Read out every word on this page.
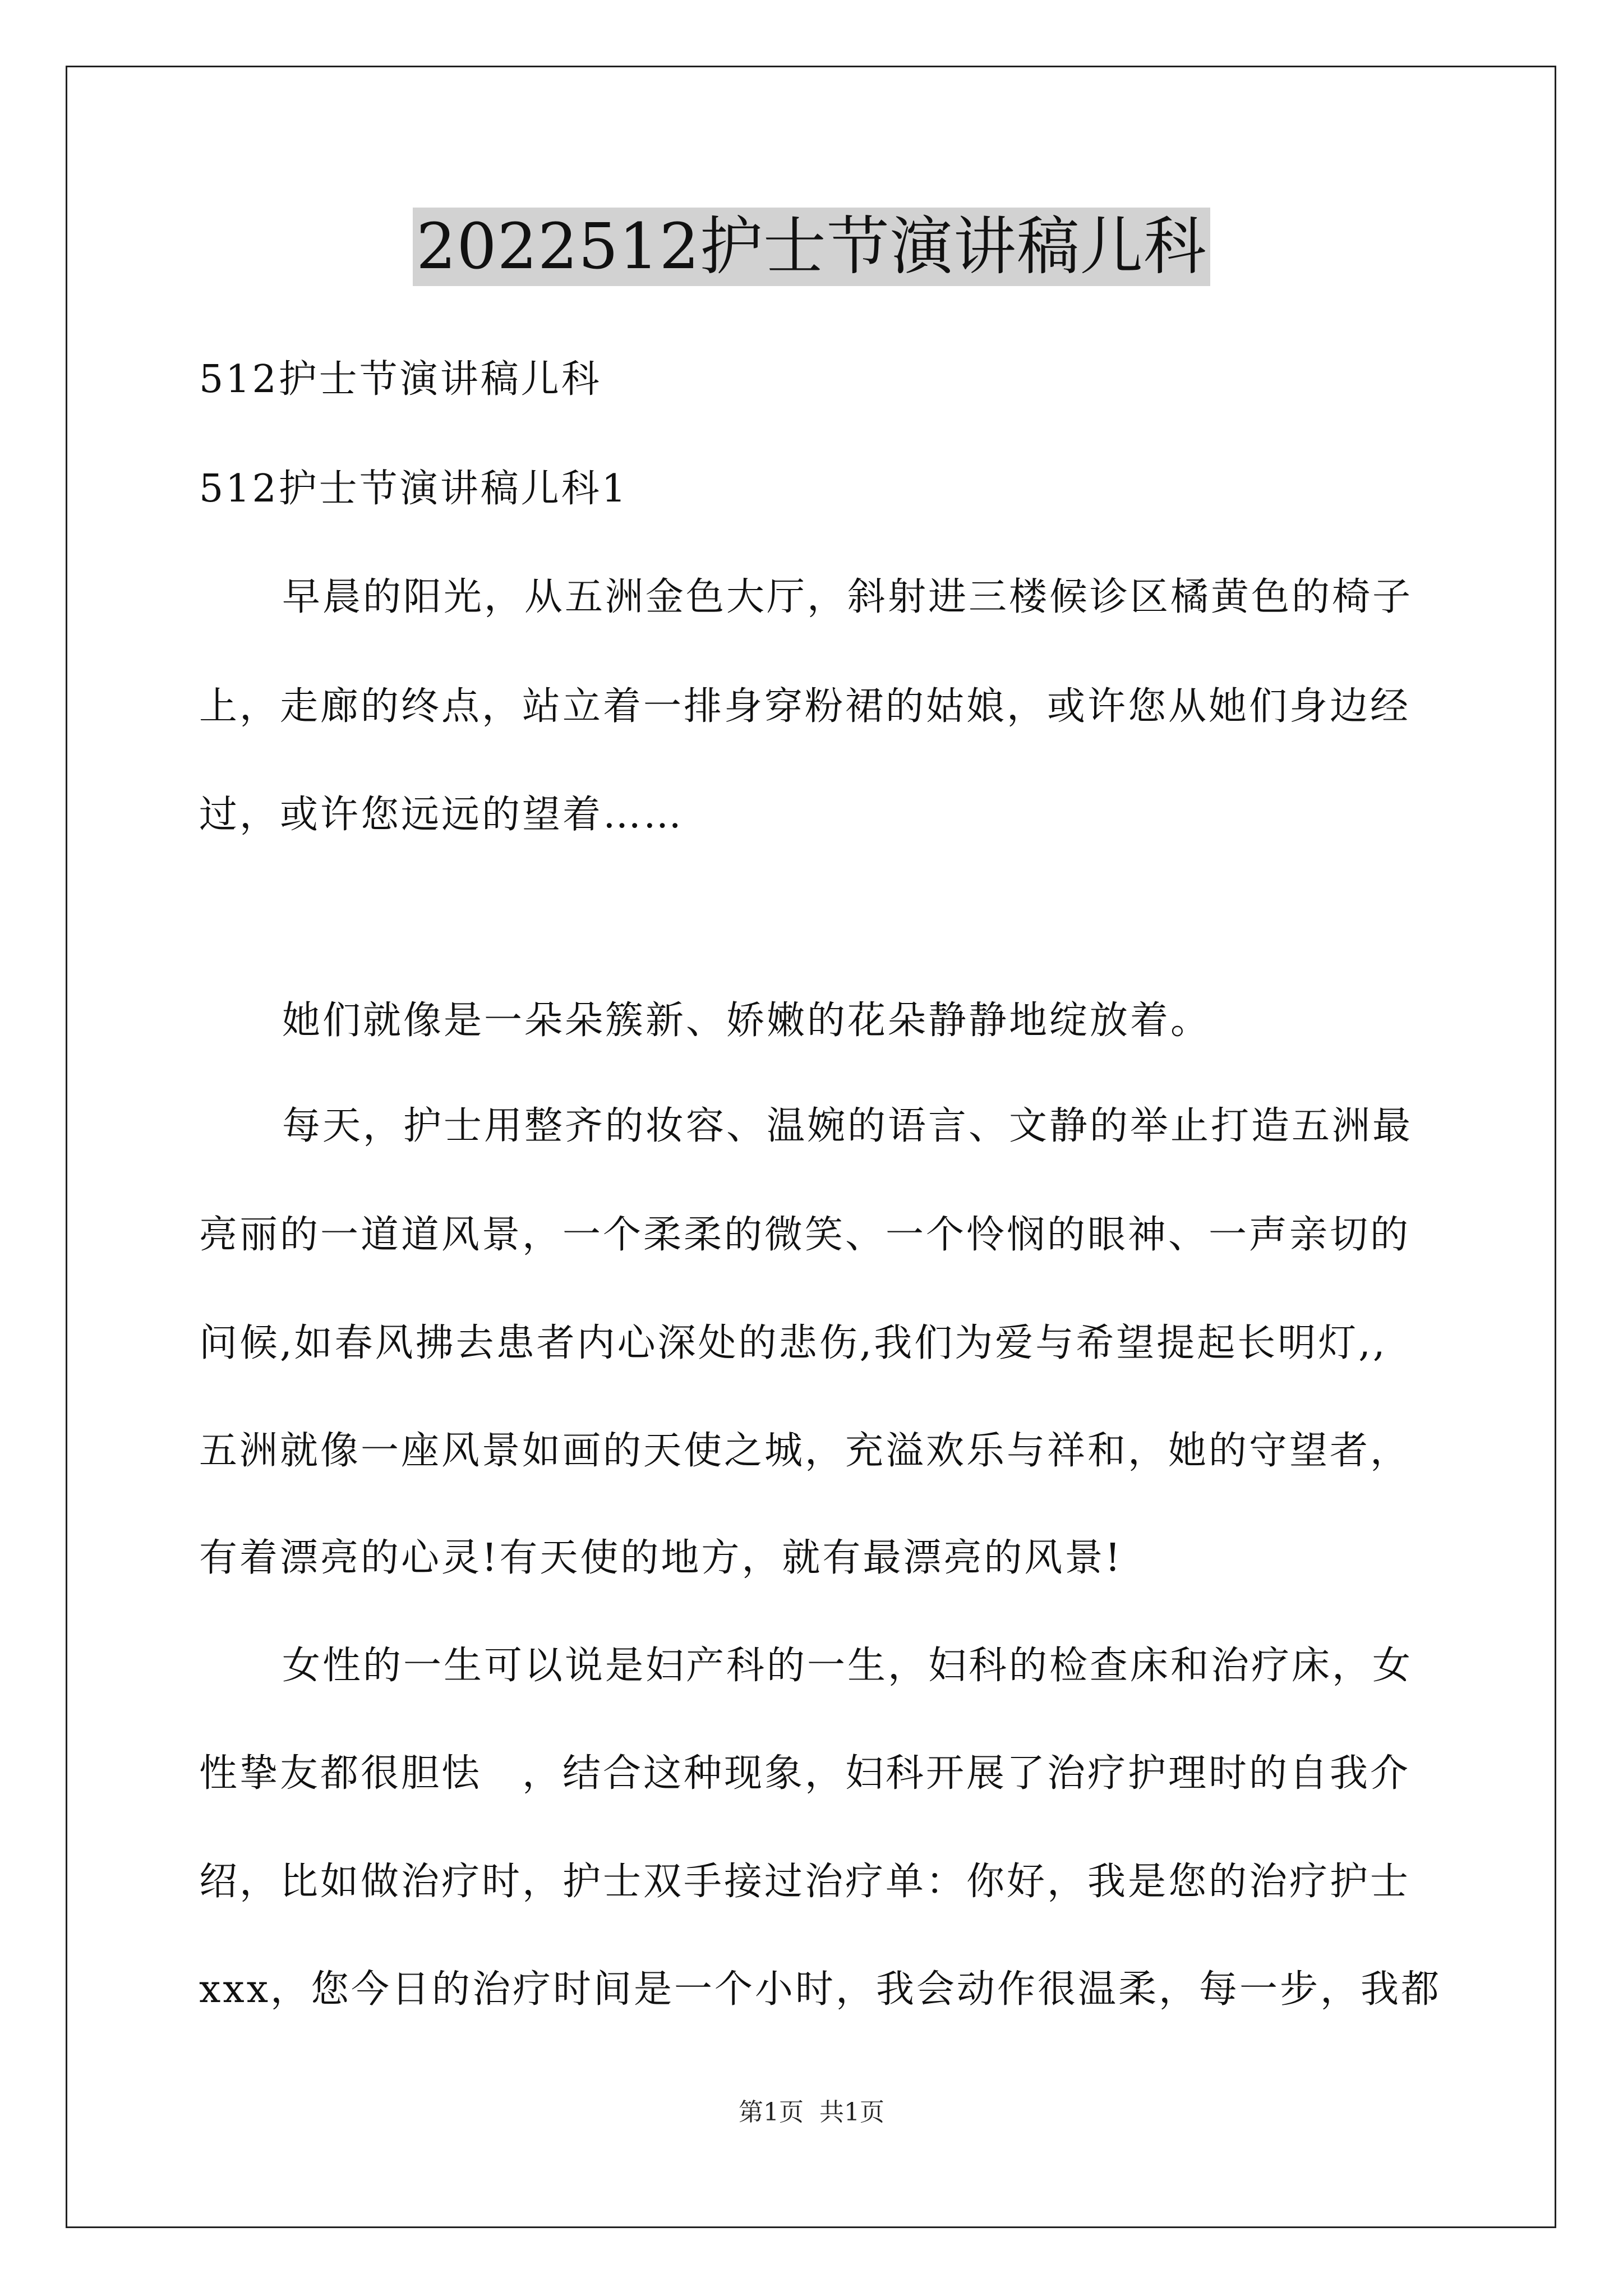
2022512护士节演讲稿儿科
512护士节演讲稿儿科
512护士节演讲稿儿科1
早晨的阳光，从五洲金色大厅，斜射进三楼候诊区橘黄色的椅子
上，走廊的终点，站立着一排身穿粉裙的姑娘，或许您从她们身边经
过，或许您远远的望着……
她们就像是一朵朵簇新、娇嫩的花朵静静地绽放着。
每天，护士用整齐的妆容、温婉的语言、文静的举止打造五洲最
亮丽的一道道风景，一个柔柔的微笑、一个怜悯的眼神、一声亲切的
问候,如春风拂去患者内心深处的悲伤,我们为爱与希望提起长明灯,,
五洲就像一座风景如画的天使之城，充溢欢乐与祥和，她的守望者，
有着漂亮的心灵!有天使的地方，就有最漂亮的风景!
女性的一生可以说是妇产科的一生，妇科的检查床和治疗床，女
性挚友都很胆怯　，结合这种现象，妇科开展了治疗护理时的自我介
绍，比如做治疗时，护士双手接过治疗单：你好，我是您的治疗护士
xxx，您今日的治疗时间是一个小时，我会动作很温柔，每一步，我都
第1页 共1页
